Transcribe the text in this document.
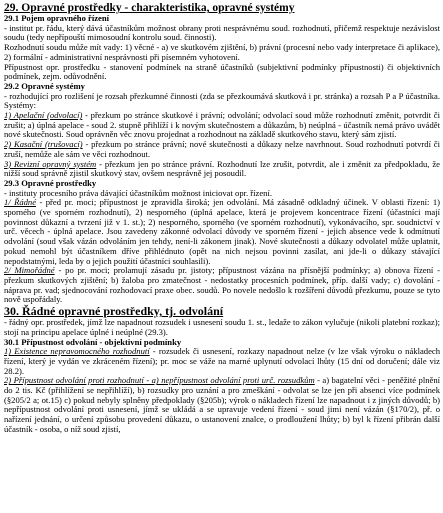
29. Opravné prostředky - charakteristika, opravné systémy
29.1 Pojem opravného řízení
- institut pr. řádu, který dává účastníkům možnost obrany proti nesprávnému soud. rozhodnutí, přičemž respektuje nezávislost soudu (tedy nepřípouští mimosoudní kontrolu soud. činnosti).
Rozhodnutí soudu může mít vady: 1) věcné - a) ve skutkovém zjištění, b) právní (procesní nebo vady interpretace či aplikace), 2) formální - administrativní nesprávnosti při písemném vyhotovení.
Přípustnost opr. prostředku - stanovení podmínek na straně účastníků (subjektivní podmínky přípustnosti) či objektivních podmínek, zejm. odůvodnění.
29.2 Opravné systémy
- rozhodující pro rozlišení je rozsah přezkumné činnosti (zda se přezkoumává skutková i pr. stránka) a rozsah P a P účastníka. Systémy:
1) Apelační (odvolací) - přezkum po stránce skutkové i právní; odvolání; odvolací soud může rozhodnutí změnit, potvrdit či zrušit; a) úplná apelace - soud 2. stupně přihlíží i k novým skutečnostem a důkazům, b) neúplná - účastník nemá právo uvádět nové skutečnosti. Soud oprávněn věc znovu projednat a rozhodnout na základě skutkového stavu, který sám zjistí.
2) Kasační (trušovací) - přezkum po stránce právní; nové skutečnosti a důkazy nelze navrhnout. Soud rozhodnutí potvrdí či zruší, nemůže ale sám ve věci rozhodnout.
3) Revizní opravný systém - přezkum jen po stránce právní. Rozhodnutí lze zrušit, potvrdit, ale i změnit za předpokladu, že nižší soud správně zjistil skutkový stav, ovšem nesprávně jej posoudil.
29.3 Opravné prostředky
- instituty procesního práva dávající účastníkům možnost iniciovat opr. řízení.
1/ Řádné - před pr. moci; přípustnost je zpravidla široká; jen odvolání. Má zásadně odkladný účinek. V oblasti řízení: 1) sporného (ve sporném rozhodnutí), 2) nesporného (úplná apelace, která je projevem koncentrace řízení (účastníci mají povinnost důkazní a tvrzení již v 1. st.); 2) nesporného, sporného (ve sporném rozhodnutí), vykonávacího, spr. soudnictví v urč. věcech - úplná apelace. Jsou zavedeny zákonné odvolací důvody ve sporném řízení - jejich absence vede k odmítnutí odvolání (soud však vázán odvoláním jen tehdy, není-li zákonem jinak). Nové skutečnosti a důkazy odvolatel může uplatnit, pokud nemohl být účastníkem dříve přihlédnuto (opět na nich nejsou povinni zasílat, ani jde-li o důkazy stávající nepodstatnými, leda by o jejich použití účastníci souhlasili).
2/ Mimořádné - po pr. moci; prolamují zásadu pr. jistoty; přípustnost vázána na přísnější podmínky; a) obnova řízení - přezkum skutkových zjištění; b) žaloba pro zmatečnost - nedostatky procesních podmínek, příp. další vady; c) dovolání - náprava pr. vad; sjednocování rozhodovací praxe obec. soudů. Po novele nedošlo k rozšíření důvodů přezkumu, pouze se tyto nově uspořádaly.
30. Řádné opravné prostředky, tj. odvolání
- řádný opr. prostředek, jímž lze napadnout rozsudek i usnesení soudu 1. st., ledaže to zákon vylučuje (nikoli platební rozkaz); stojí na principu apelace úplné i neúplné (29.3).
30.1 Přípustnost odvolání - objektivní podmínky
1) Existence nepravomocného rozhodnutí - rozsudek či usnesení, rozkazy napadnout nelze (v lze však výroku o nákladech řízení, který je vydán ve zkráceném řízení); pr. moc se váže na marné uplynutí odvolací lhůty (15 dní od doručení; dále viz 28.2).
2) Přípustnost odvolání proti rozhodnutí - a) nepřípustnost odvolání proti urč. rozsudkům - a) bagatelní věci - peněžité plnění do 2 tis. Kč (přihlížení se nepřihlíží), b) rozsudky pro uznání a pro zmeškání - odvolat se lze jen při absenci více podmínek (§205/2 a; ot.15) c) pokud nebyly splněny předpoklady (§205b); výrok o nákladech řízení lze napadnout i z jiných důvodů; b) nepřípustnost odvolání proti usnesení, jímž se ukládá a se upravuje vedení řízení - soud jimi není vázán (§170/2), př. o nařízení jednání, o určení způsobu provedení důkazu, o ustanovení znalce, o prodloužení lhůty; b) byl k řízení přibrán další účastník - osoba, o níž soud zjistí,
